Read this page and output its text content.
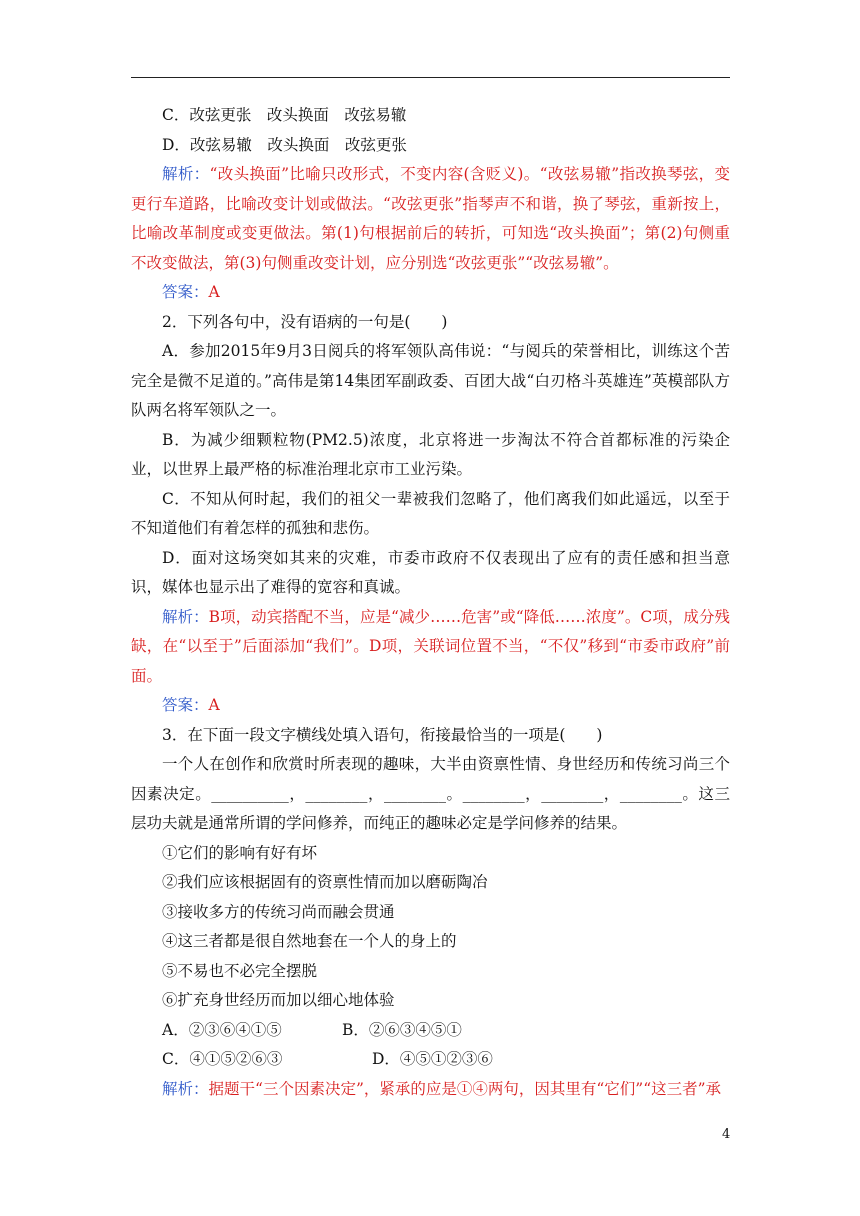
C．改弦更张　改头换面　改弦易辙

D．改弦易辙　改头换面　改弦更张

解析：“改头换面”比喻只改形式，不变内容(含贬义)。“改弦易辙”指改换琴弦，变更行车道路，比喻改变计划或做法。“改弦更张”指琴声不和谐，换了琴弦，重新按上，比喻改革制度或变更做法。第(1)句根据前后的转折，可知选“改头换面”；第(2)句侧重不改变做法，第(3)句侧重改变计划，应分别选“改弦更张”“改弦易辙”。

答案：A

2．下列各句中，没有语病的一句是(　　)

A．参加2015年9月3日阅兵的将军领队高伟说：“与阅兵的荣誉相比，训练这个苦完全是微不足道的。”高伟是第14集团军副政委、百团大战“白刃格斗英雄连”英模部队方队两名将军领队之一。

B．为减少细颗粒物(PM2.5)浓度，北京将进一步淘汰不符合首都标准的污染企业，以世界上最严格的标准治理北京市工业污染。

C．不知从何时起，我们的祖父一辈被我们忽略了，他们离我们如此遥远，以至于不知道他们有着怎样的孤独和悲伤。

D．面对这场突如其来的灾难，市委市政府不仅表现出了应有的责任感和担当意识，媒体也显示出了难得的宽容和真诚。

解析：B项，动宾搭配不当，应是“减少……危害”或“降低……浓度”。C项，成分残缺，在“以至于”后面添加“我们”。D项，关联词位置不当，“不仅”移到“市委市政府”前面。

答案：A

3．在下面一段文字横线处填入语句，衔接最恰当的一项是(　　)

一个人在创作和欣赏时所表现的趣味，大半由资禀性情、身世经历和传统习尚三个因素决定。__________，________，________。________，________，________。这三层功夫就是通常所谓的学问修养，而纯正的趣味必定是学问修养的结果。

①它们的影响有好有坏

②我们应该根据固有的资禀性情而加以磨砺陶冶

③接收多方的传统习尚而融会贯通

④这三者都是很自然地套在一个人的身上的

⑤不易也不必完全摆脱

⑥扩充身世经历而加以细心地体验

A．②③⑥④①⑤	B．②⑥③④⑤①
C．④①⑤②⑥③	D．④⑤①②③⑥

解析：据题干“三个因素决定”，紧承的应是①④两句，因其里有“它们”“这三者”承

4
